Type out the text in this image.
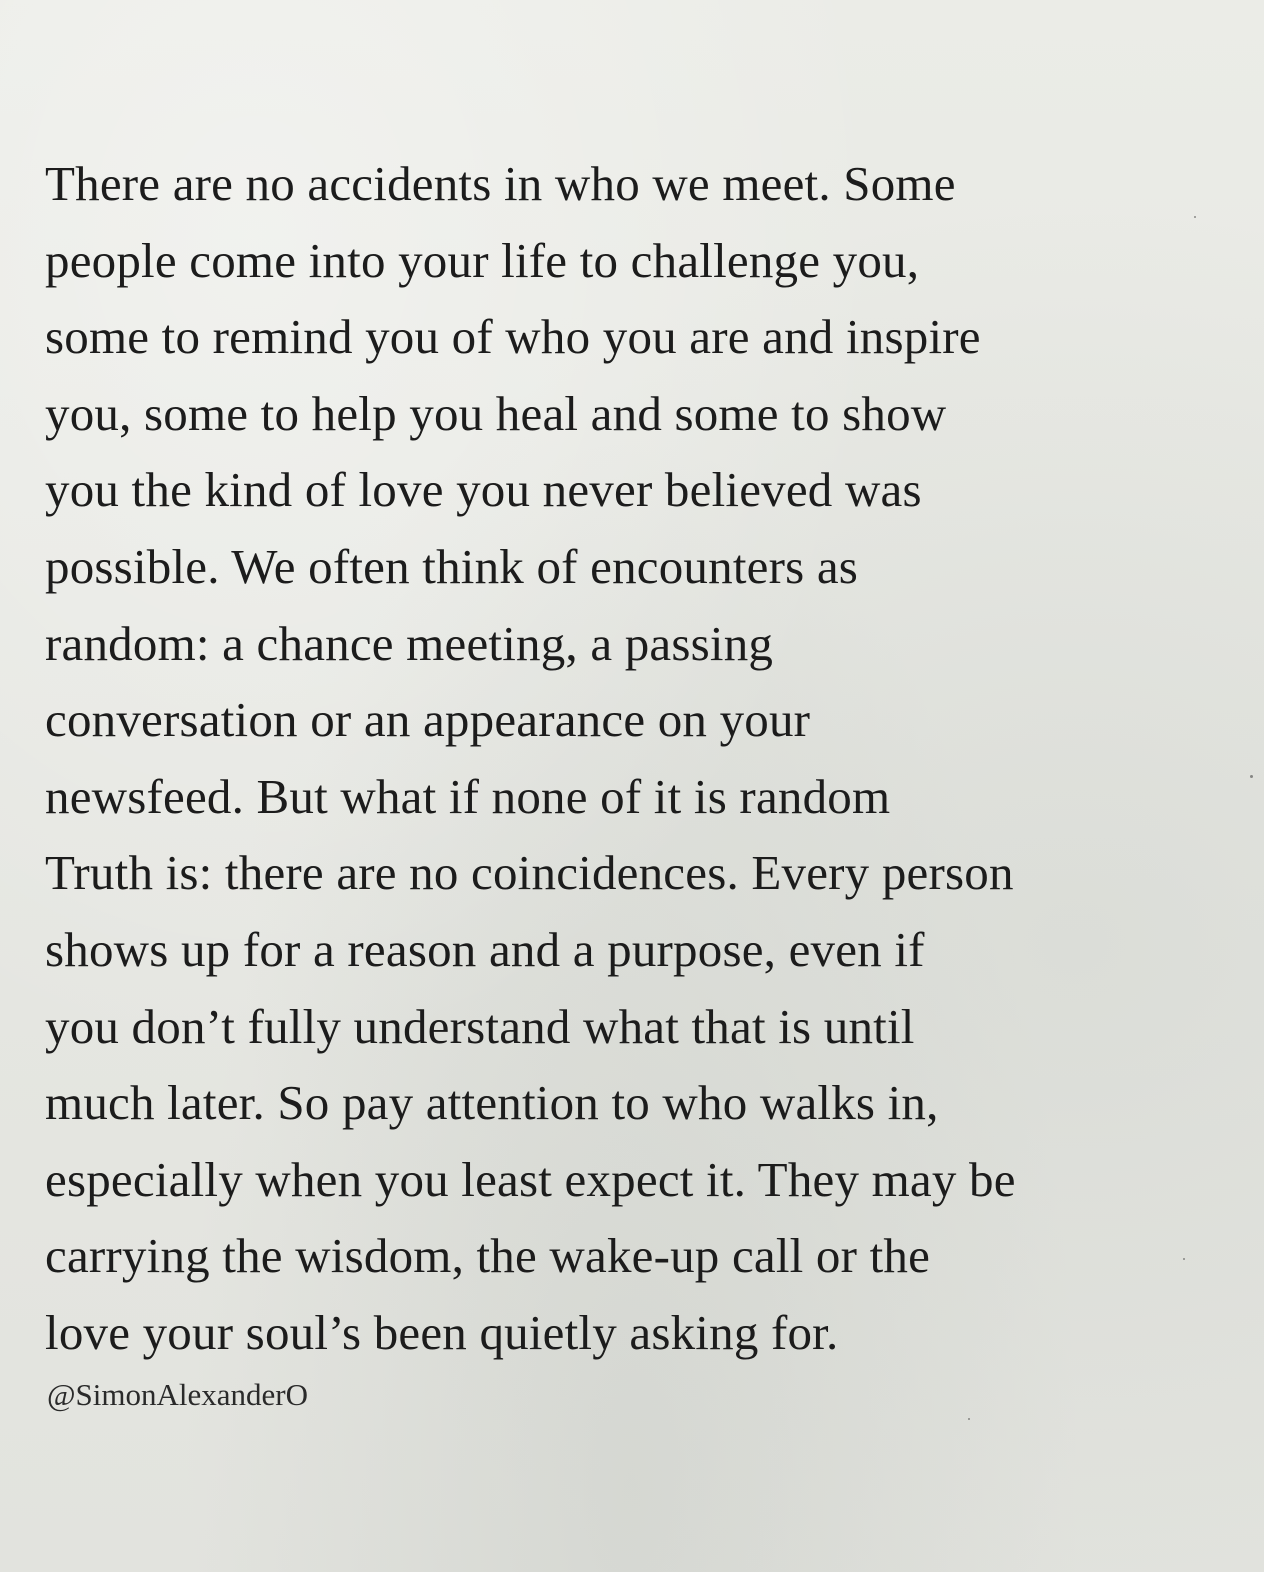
There are no accidents in who we meet. Some
people come into your life to challenge you,
some to remind you of who you are and inspire
you, some to help you heal and some to show
you the kind of love you never believed was
possible. We often think of encounters as
random: a chance meeting, a passing
conversation or an appearance on your
newsfeed. But what if none of it is random
Truth is: there are no coincidences. Every person
shows up for a reason and a purpose, even if
you don’t fully understand what that is until
much later. So pay attention to who walks in,
especially when you least expect it. They may be
carrying the wisdom, the wake-up call or the
love your soul’s been quietly asking for.
@SimonAlexanderO
